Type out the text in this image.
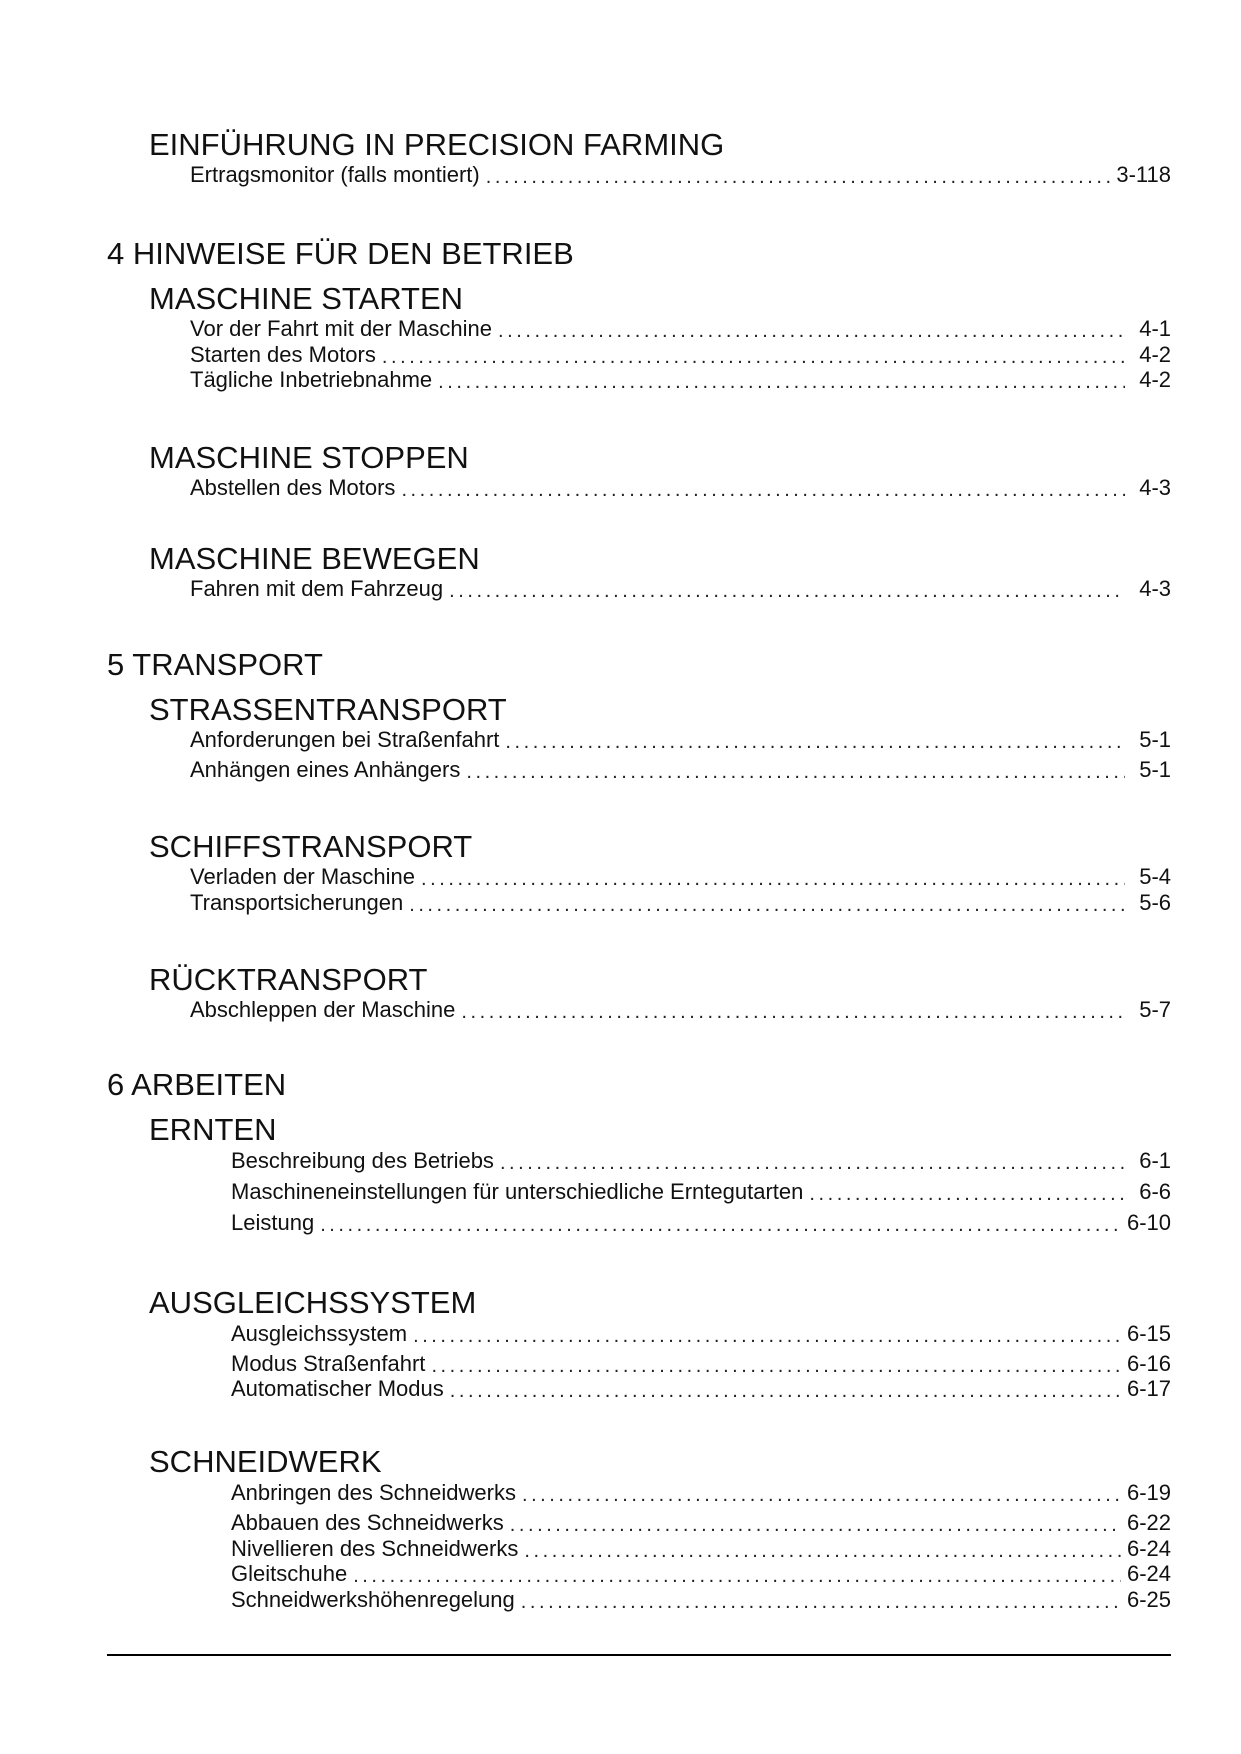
EINFÜHRUNG IN PRECISION FARMING
Ertragsmonitor (falls montiert) . . .	3-118
4 HINWEISE FÜR DEN BETRIEB
MASCHINE STARTEN
Vor der Fahrt mit der Maschine . . .	4-1
Starten des Motors . . .	4-2
Tägliche Inbetriebnahme . . .	4-2
MASCHINE STOPPEN
Abstellen des Motors . . .	4-3
MASCHINE BEWEGEN
Fahren mit dem Fahrzeug . . .	4-3
5 TRANSPORT
STRASSENTRANSPORT
Anforderungen bei Straßenfahrt . . .	5-1
Anhängen eines Anhängers . . .	5-1
SCHIFFSTRANSPORT
Verladen der Maschine . . .	5-4
Transportsicherungen . . .	5-6
RÜCKTRANSPORT
Abschleppen der Maschine . . .	5-7
6 ARBEITEN
ERNTEN
Beschreibung des Betriebs . . .	6-1
Maschineneinstellungen für unterschiedliche Erntegutarten . . .	6-6
Leistung . . .	6-10
AUSGLEICHSSYSTEM
Ausgleichssystem . . .	6-15
Modus Straßenfahrt . . .	6-16
Automatischer Modus . . .	6-17
SCHNEIDWERK
Anbringen des Schneidwerks . . .	6-19
Abbauen des Schneidwerks . . .	6-22
Nivellieren des Schneidwerks . . .	6-24
Gleitschuhe . . .	6-24
Schneidwerkshöhenregelung . . .	6-25
